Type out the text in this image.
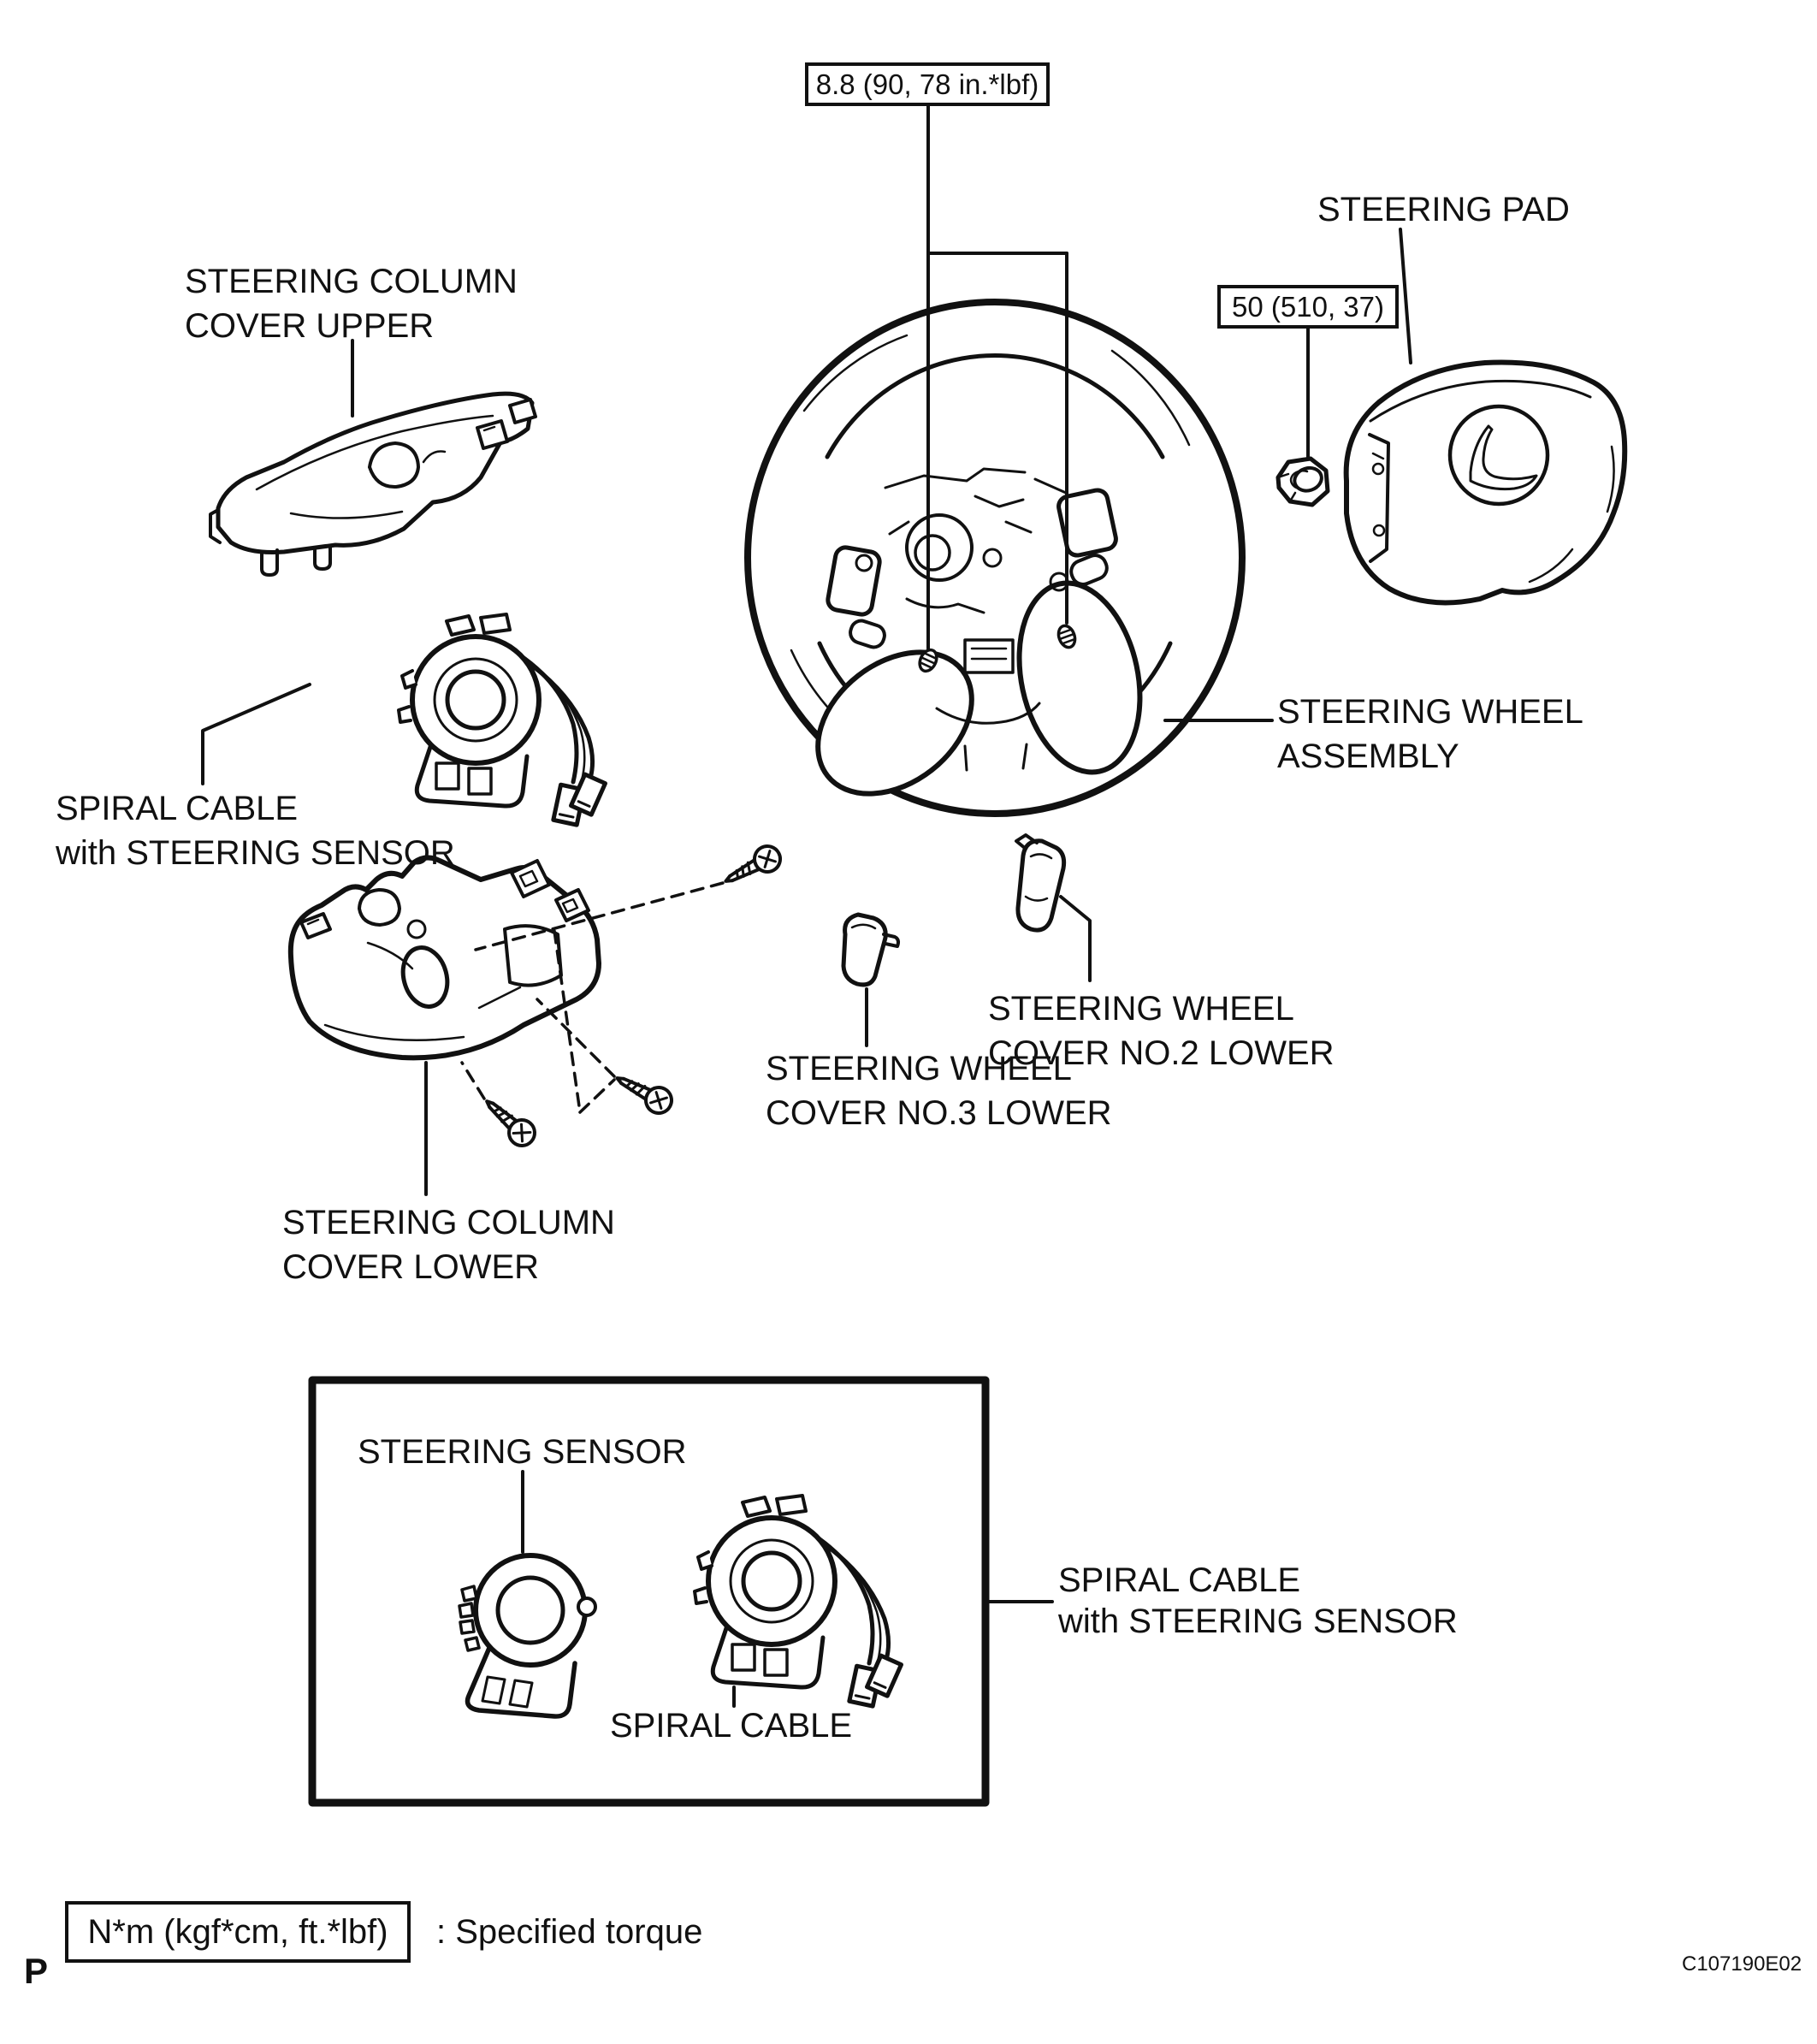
8.8 (90, 78 in.*lbf)
50 (510, 37)
STEERING PAD
STEERING COLUMN
COVER UPPER
SPIRAL CABLE
with STEERING SENSOR
STEERING WHEEL
ASSEMBLY
STEERING WHEEL
COVER NO.3 LOWER
STEERING WHEEL
COVER NO.2 LOWER
STEERING COLUMN
COVER LOWER
STEERING SENSOR
SPIRAL CABLE
SPIRAL CABLE
with STEERING SENSOR
N*m (kgf*cm, ft.*lbf) : Specified torque
P	C107190E02
